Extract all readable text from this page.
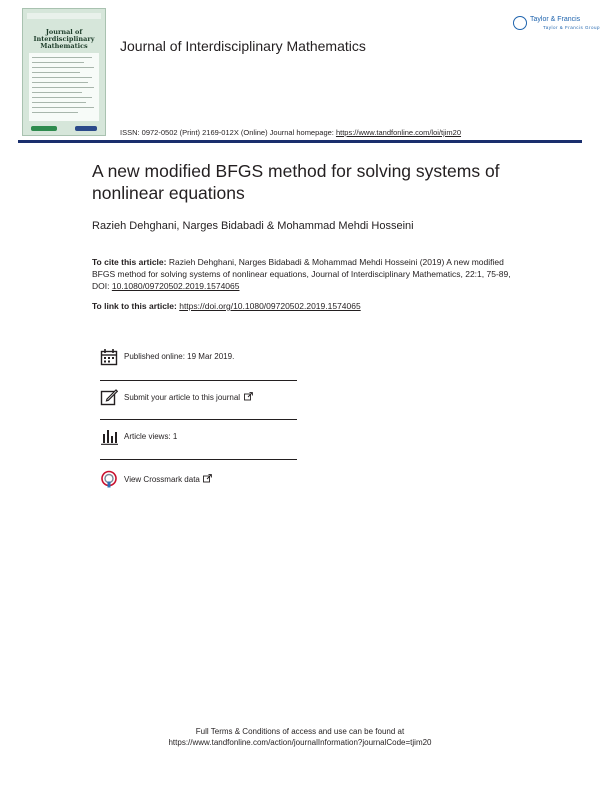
Journal of Interdisciplinary Mathematics	Journal of Interdisciplinary Mathematics
Taylor & Francis
Taylor & Francis Group
ISSN: 0972-0502 (Print) 2169-012X (Online) Journal homepage: https://www.tandfonline.com/loi/tjim20
A new modified BFGS method for solving systems of nonlinear equations
Razieh Dehghani, Narges Bidabadi & Mohammad Mehdi Hosseini
To cite this article: Razieh Dehghani, Narges Bidabadi & Mohammad Mehdi Hosseini (2019) A new modified BFGS method for solving systems of nonlinear equations, Journal of Interdisciplinary Mathematics, 22:1, 75-89, DOI: 10.1080/09720502.2019.1574065
To link to this article: https://doi.org/10.1080/09720502.2019.1574065
Published online: 19 Mar 2019.
Submit your article to this journal
Article views: 1
View Crossmark data
Full Terms & Conditions of access and use can be found at
https://www.tandfonline.com/action/journalInformation?journalCode=tjim20
